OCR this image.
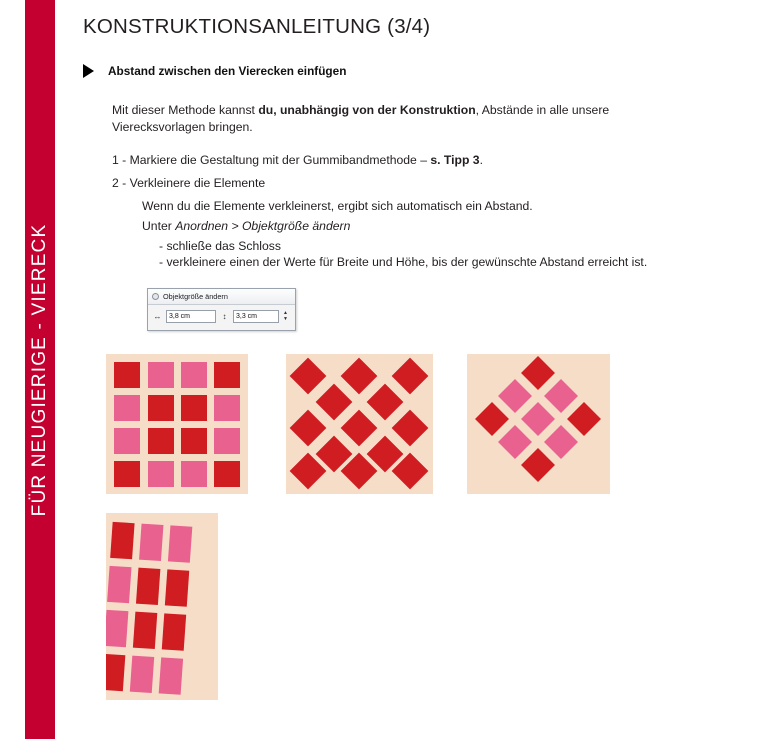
FÜR NEUGIERIGE - VIERECK
KONSTRUKTIONSANLEITUNG (3/4)
Abstand zwischen den Vierecken einfügen
Mit dieser Methode kannst du, unabhängig von der Konstruktion, Abstände in alle unsere Vierecksvorlagen bringen.
1 - Markiere die Gestaltung mit der Gummibandmethode – s. Tipp 3.
2 - Verkleinere die Elemente
Wenn du die Elemente verkleinerst, ergibt sich automatisch ein Abstand.
Unter Anordnen > Objektgröße ändern
- schließe das Schloss
- verkleinere einen der Werte für Breite und Höhe, bis der gewünschte Abstand erreicht ist.
Objektgröße ändern
↔	3,8 cm	↕	3,3 cm	▲
▼
